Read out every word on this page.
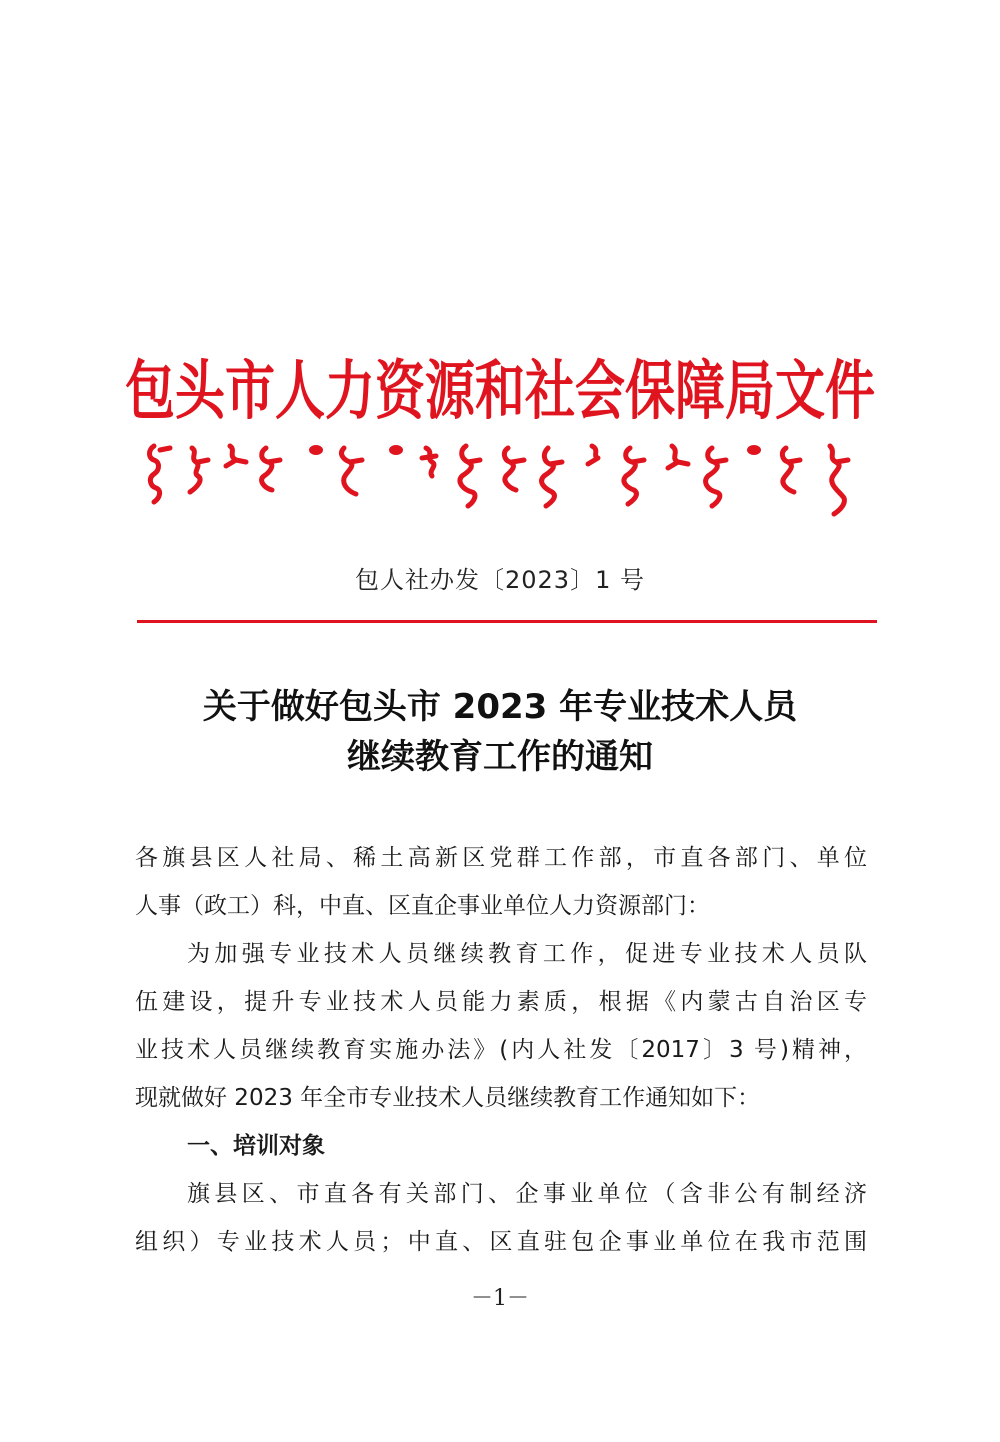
包头市人力资源和社会保障局文件
包人社办发〔2023〕1 号
关于做好包头市 2023 年专业技术人员
继续教育工作的通知
各旗县区人社局、稀土高新区党群工作部，市直各部门、单位
人事（政工）科，中直、区直企事业单位人力资源部门：
为加强专业技术人员继续教育工作，促进专业技术人员队
伍建设，提升专业技术人员能力素质，根据《内蒙古自治区专
业技术人员继续教育实施办法》(内人社发〔2017〕3 号)精神，
现就做好 2023 年全市专业技术人员继续教育工作通知如下：
一、培训对象
旗县区、市直各有关部门、企事业单位（含非公有制经济
组织）专业技术人员；中直、区直驻包企事业单位在我市范围
－1－
